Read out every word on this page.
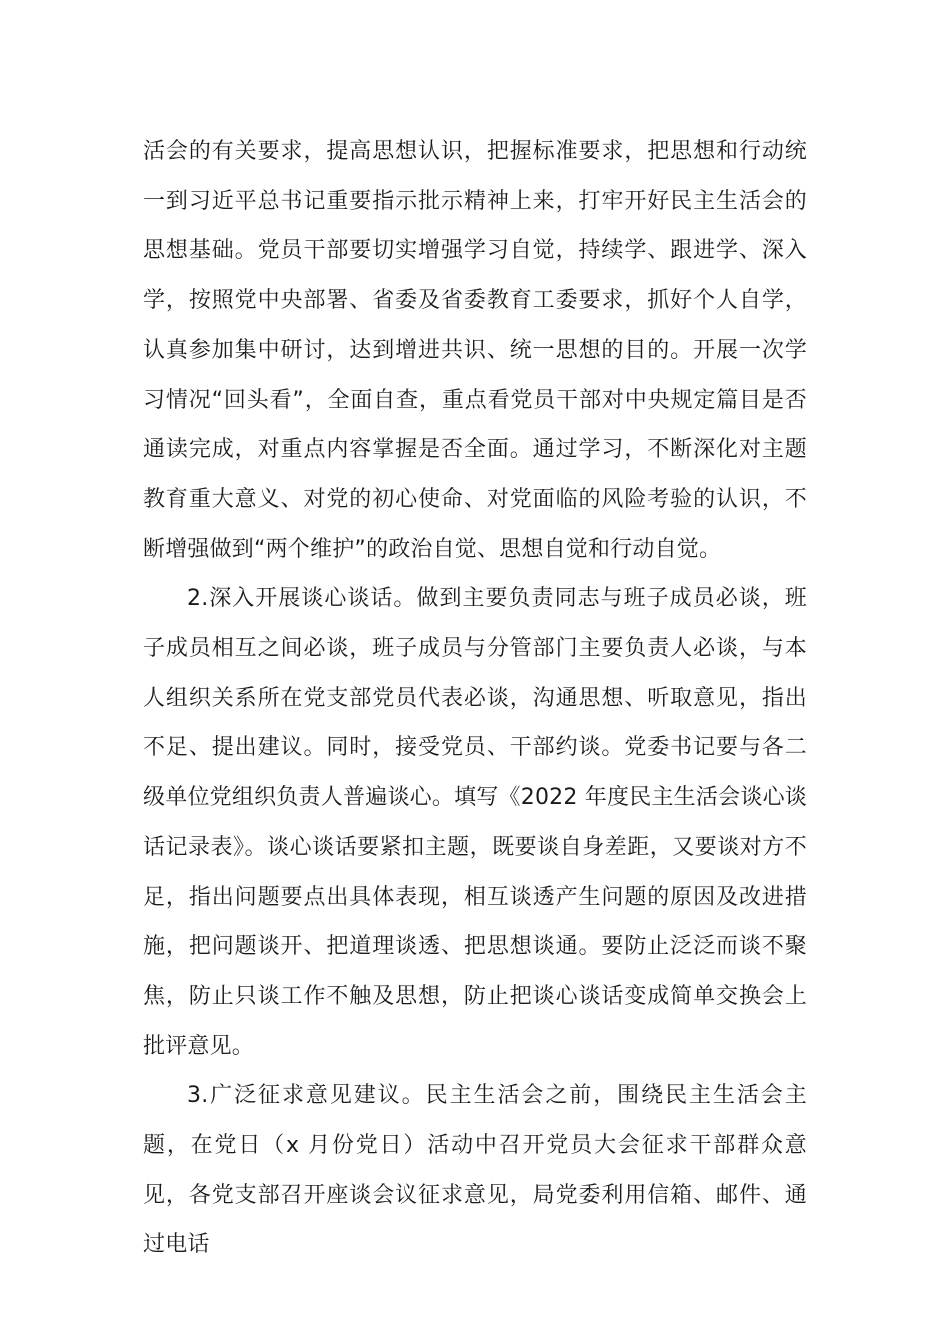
活会的有关要求，提高思想认识，把握标准要求，把思想和行动统一到习近平总书记重要指示批示精神上来，打牢开好民主生活会的思想基础。党员干部要切实增强学习自觉，持续学、跟进学、深入学，按照党中央部署、省委及省委教育工委要求，抓好个人自学，认真参加集中研讨，达到增进共识、统一思想的目的。开展一次学习情况“回头看”，全面自查，重点看党员干部对中央规定篇目是否通读完成，对重点内容掌握是否全面。通过学习，不断深化对主题教育重大意义、对党的初心使命、对党面临的风险考验的认识，不断增强做到“两个维护”的政治自觉、思想自觉和行动自觉。

2.深入开展谈心谈话。做到主要负责同志与班子成员必谈，班子成员相互之间必谈，班子成员与分管部门主要负责人必谈，与本人组织关系所在党支部党员代表必谈，沟通思想、听取意见，指出不足、提出建议。同时，接受党员、干部约谈。党委书记要与各二级单位党组织负责人普遍谈心。填写《2022 年度民主生活会谈心谈话记录表》。谈心谈话要紧扣主题，既要谈自身差距，又要谈对方不足，指出问题要点出具体表现，相互谈透产生问题的原因及改进措施，把问题谈开、把道理谈透、把思想谈通。要防止泛泛而谈不聚焦，防止只谈工作不触及思想，防止把谈心谈话变成简单交换会上批评意见。

3.广泛征求意见建议。民主生活会之前，围绕民主生活会主题，在党日（x 月份党日）活动中召开党员大会征求干部群众意见，各党支部召开座谈会议征求意见，局党委利用信箱、邮件、通过电话
